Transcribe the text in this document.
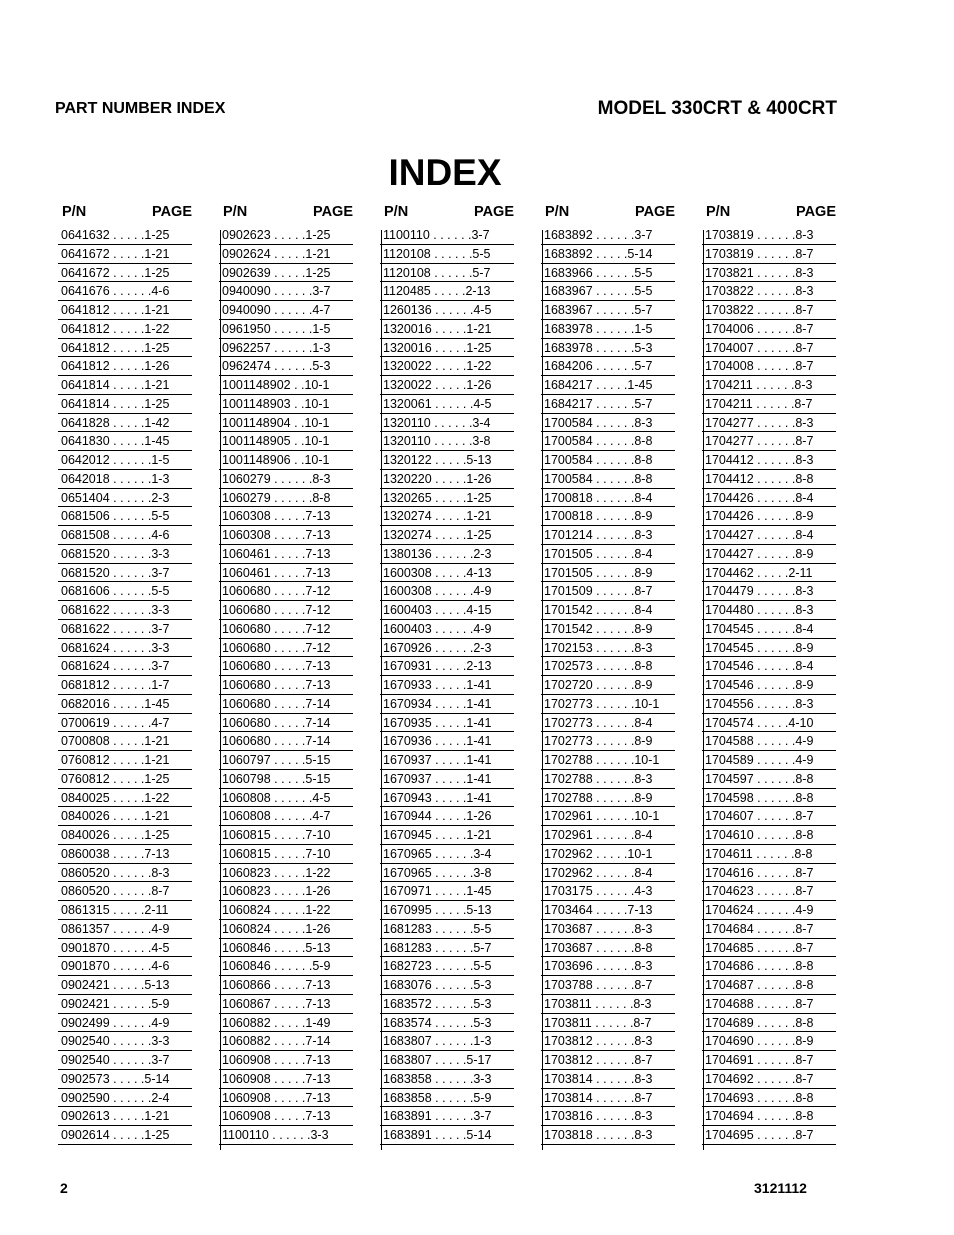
PART NUMBER INDEX	MODEL 330CRT & 400CRT
INDEX
P/N	PAGE
0641632 . . . . .1-25
0641672 . . . . .1-21
0641672 . . . . .1-25
0641676 . . . . . .4-6
0641812 . . . . .1-21
0641812 . . . . .1-22
0641812 . . . . .1-25
0641812 . . . . .1-26
0641814 . . . . .1-21
0641814 . . . . .1-25
0641828 . . . . .1-42
0641830 . . . . .1-45
0642012 . . . . . .1-5
0642018 . . . . . .1-3
0651404 . . . . . .2-3
0681506 . . . . . .5-5
0681508 . . . . . .4-6
0681520 . . . . . .3-3
0681520 . . . . . .3-7
0681606 . . . . . .5-5
0681622 . . . . . .3-3
0681622 . . . . . .3-7
0681624 . . . . . .3-3
0681624 . . . . . .3-7
0681812 . . . . . .1-7
0682016 . . . . .1-45
0700619 . . . . . .4-7
0700808 . . . . .1-21
0760812 . . . . .1-21
0760812 . . . . .1-25
0840025 . . . . .1-22
0840026 . . . . .1-21
0840026 . . . . .1-25
0860038 . . . . .7-13
0860520 . . . . . .8-3
0860520 . . . . . .8-7
0861315 . . . . .2-11
0861357 . . . . . .4-9
0901870 . . . . . .4-5
0901870 . . . . . .4-6
0902421 . . . . .5-13
0902421 . . . . . .5-9
0902499 . . . . . .4-9
0902540 . . . . . .3-3
0902540 . . . . . .3-7
0902573 . . . . .5-14
0902590 . . . . . .2-4
0902613 . . . . .1-21
0902614 . . . . .1-25
P/N	PAGE
0902623 . . . . .1-25
0902624 . . . . .1-21
0902639 . . . . .1-25
0940090 . . . . . .3-7
0940090 . . . . . .4-7
0961950 . . . . . .1-5
0962257 . . . . . .1-3
0962474 . . . . . .5-3
1001148902 . .10-1
1001148903 . .10-1
1001148904 . .10-1
1001148905 . .10-1
1001148906 . .10-1
1060279 . . . . . .8-3
1060279 . . . . . .8-8
1060308 . . . . .7-13
1060308 . . . . .7-13
1060461 . . . . .7-13
1060461 . . . . .7-13
1060680 . . . . .7-12
1060680 . . . . .7-12
1060680 . . . . .7-12
1060680 . . . . .7-12
1060680 . . . . .7-13
1060680 . . . . .7-13
1060680 . . . . .7-14
1060680 . . . . .7-14
1060680 . . . . .7-14
1060797 . . . . .5-15
1060798 . . . . .5-15
1060808 . . . . . .4-5
1060808 . . . . . .4-7
1060815 . . . . .7-10
1060815 . . . . .7-10
1060823 . . . . .1-22
1060823 . . . . .1-26
1060824 . . . . .1-22
1060824 . . . . .1-26
1060846 . . . . .5-13
1060846 . . . . . .5-9
1060866 . . . . .7-13
1060867 . . . . .7-13
1060882 . . . . .1-49
1060882 . . . . .7-14
1060908 . . . . .7-13
1060908 . . . . .7-13
1060908 . . . . .7-13
1060908 . . . . .7-13
1100110 . . . . . .3-3
P/N	PAGE
1100110 . . . . . .3-7
1120108 . . . . . .5-5
1120108 . . . . . .5-7
1120485 . . . . .2-13
1260136 . . . . . .4-5
1320016 . . . . .1-21
1320016 . . . . .1-25
1320022 . . . . .1-22
1320022 . . . . .1-26
1320061 . . . . . .4-5
1320110 . . . . . .3-4
1320110 . . . . . .3-8
1320122 . . . . .5-13
1320220 . . . . .1-26
1320265 . . . . .1-25
1320274 . . . . .1-21
1320274 . . . . .1-25
1380136 . . . . . .2-3
1600308 . . . . .4-13
1600308 . . . . . .4-9
1600403 . . . . .4-15
1600403 . . . . . .4-9
1670926 . . . . . .2-3
1670931 . . . . .2-13
1670933 . . . . .1-41
1670934 . . . . .1-41
1670935 . . . . .1-41
1670936 . . . . .1-41
1670937 . . . . .1-41
1670937 . . . . .1-41
1670943 . . . . .1-41
1670944 . . . . .1-26
1670945 . . . . .1-21
1670965 . . . . . .3-4
1670965 . . . . . .3-8
1670971 . . . . .1-45
1670995 . . . . .5-13
1681283 . . . . . .5-5
1681283 . . . . . .5-7
1682723 . . . . . .5-5
1683076 . . . . . .5-3
1683572 . . . . . .5-3
1683574 . . . . . .5-3
1683807 . . . . . .1-3
1683807 . . . . .5-17
1683858 . . . . . .3-3
1683858 . . . . . .5-9
1683891 . . . . . .3-7
1683891 . . . . .5-14
P/N	PAGE
1683892 . . . . . .3-7
1683892 . . . . .5-14
1683966 . . . . . .5-5
1683967 . . . . . .5-5
1683967 . . . . . .5-7
1683978 . . . . . .1-5
1683978 . . . . . .5-3
1684206 . . . . . .5-7
1684217 . . . . .1-45
1684217 . . . . . .5-7
1700584 . . . . . .8-3
1700584 . . . . . .8-8
1700584 . . . . . .8-8
1700584 . . . . . .8-8
1700818 . . . . . .8-4
1700818 . . . . . .8-9
1701214 . . . . . .8-3
1701505 . . . . . .8-4
1701505 . . . . . .8-9
1701509 . . . . . .8-7
1701542 . . . . . .8-4
1701542 . . . . . .8-9
1702153 . . . . . .8-3
1702573 . . . . . .8-8
1702720 . . . . . .8-9
1702773 . . . . . .10-1
1702773 . . . . . .8-4
1702773 . . . . . .8-9
1702788 . . . . . .10-1
1702788 . . . . . .8-3
1702788 . . . . . .8-9
1702961 . . . . . .10-1
1702961 . . . . . .8-4
1702962 . . . . .10-1
1702962 . . . . . .8-4
1703175 . . . . . .4-3
1703464 . . . . .7-13
1703687 . . . . . .8-3
1703687 . . . . . .8-8
1703696 . . . . . .8-3
1703788 . . . . . .8-7
1703811 . . . . . .8-3
1703811 . . . . . .8-7
1703812 . . . . . .8-3
1703812 . . . . . .8-7
1703814 . . . . . .8-3
1703814 . . . . . .8-7
1703816 . . . . . .8-3
1703818 . . . . . .8-3
P/N	PAGE
1703819 . . . . . .8-3
1703819 . . . . . .8-7
1703821 . . . . . .8-3
1703822 . . . . . .8-3
1703822 . . . . . .8-7
1704006 . . . . . .8-7
1704007 . . . . . .8-7
1704008 . . . . . .8-7
1704211 . . . . . .8-3
1704211 . . . . . .8-7
1704277 . . . . . .8-3
1704277 . . . . . .8-7
1704412 . . . . . .8-3
1704412 . . . . . .8-8
1704426 . . . . . .8-4
1704426 . . . . . .8-9
1704427 . . . . . .8-4
1704427 . . . . . .8-9
1704462 . . . . .2-11
1704479 . . . . . .8-3
1704480 . . . . . .8-3
1704545 . . . . . .8-4
1704545 . . . . . .8-9
1704546 . . . . . .8-4
1704546 . . . . . .8-9
1704556 . . . . . .8-3
1704574 . . . . .4-10
1704588 . . . . . .4-9
1704589 . . . . . .4-9
1704597 . . . . . .8-8
1704598 . . . . . .8-8
1704607 . . . . . .8-7
1704610 . . . . . .8-8
1704611 . . . . . .8-8
1704616 . . . . . .8-7
1704623 . . . . . .8-7
1704624 . . . . . .4-9
1704684 . . . . . .8-7
1704685 . . . . . .8-7
1704686 . . . . . .8-8
1704687 . . . . . .8-8
1704688 . . . . . .8-7
1704689 . . . . . .8-8
1704690 . . . . . .8-9
1704691 . . . . . .8-7
1704692 . . . . . .8-7
1704693 . . . . . .8-8
1704694 . . . . . .8-8
1704695 . . . . . .8-7
2	3121112
